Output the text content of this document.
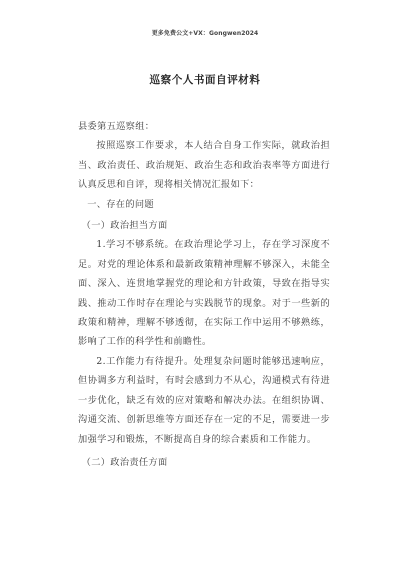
更多免费公文+VX：Gongwen2024
巡察个人书面自评材料

县委第五巡察组：

按照巡察工作要求，本人结合自身工作实际，就政治担当、政治责任、政治规矩、政治生态和政治表率等方面进行认真反思和自评，现将相关情况汇报如下：

一、存在的问题

（一）政治担当方面

1.学习不够系统。在政治理论学习上，存在学习深度不足。对党的理论体系和最新政策精神理解不够深入，未能全面、深入、连贯地掌握党的理论和方针政策，导致在指导实践、推动工作时存在理论与实践脱节的现象。对于一些新的政策和精神，理解不够透彻，在实际工作中运用不够熟练，影响了工作的科学性和前瞻性。

2.工作能力有待提升。处理复杂问题时能够迅速响应，但协调多方利益时，有时会感到力不从心，沟通模式有待进一步优化，缺乏有效的应对策略和解决办法。在组织协调、沟通交流、创新思维等方面还存在一定的不足，需要进一步加强学习和锻炼，不断提高自身的综合素质和工作能力。

（二）政治责任方面
